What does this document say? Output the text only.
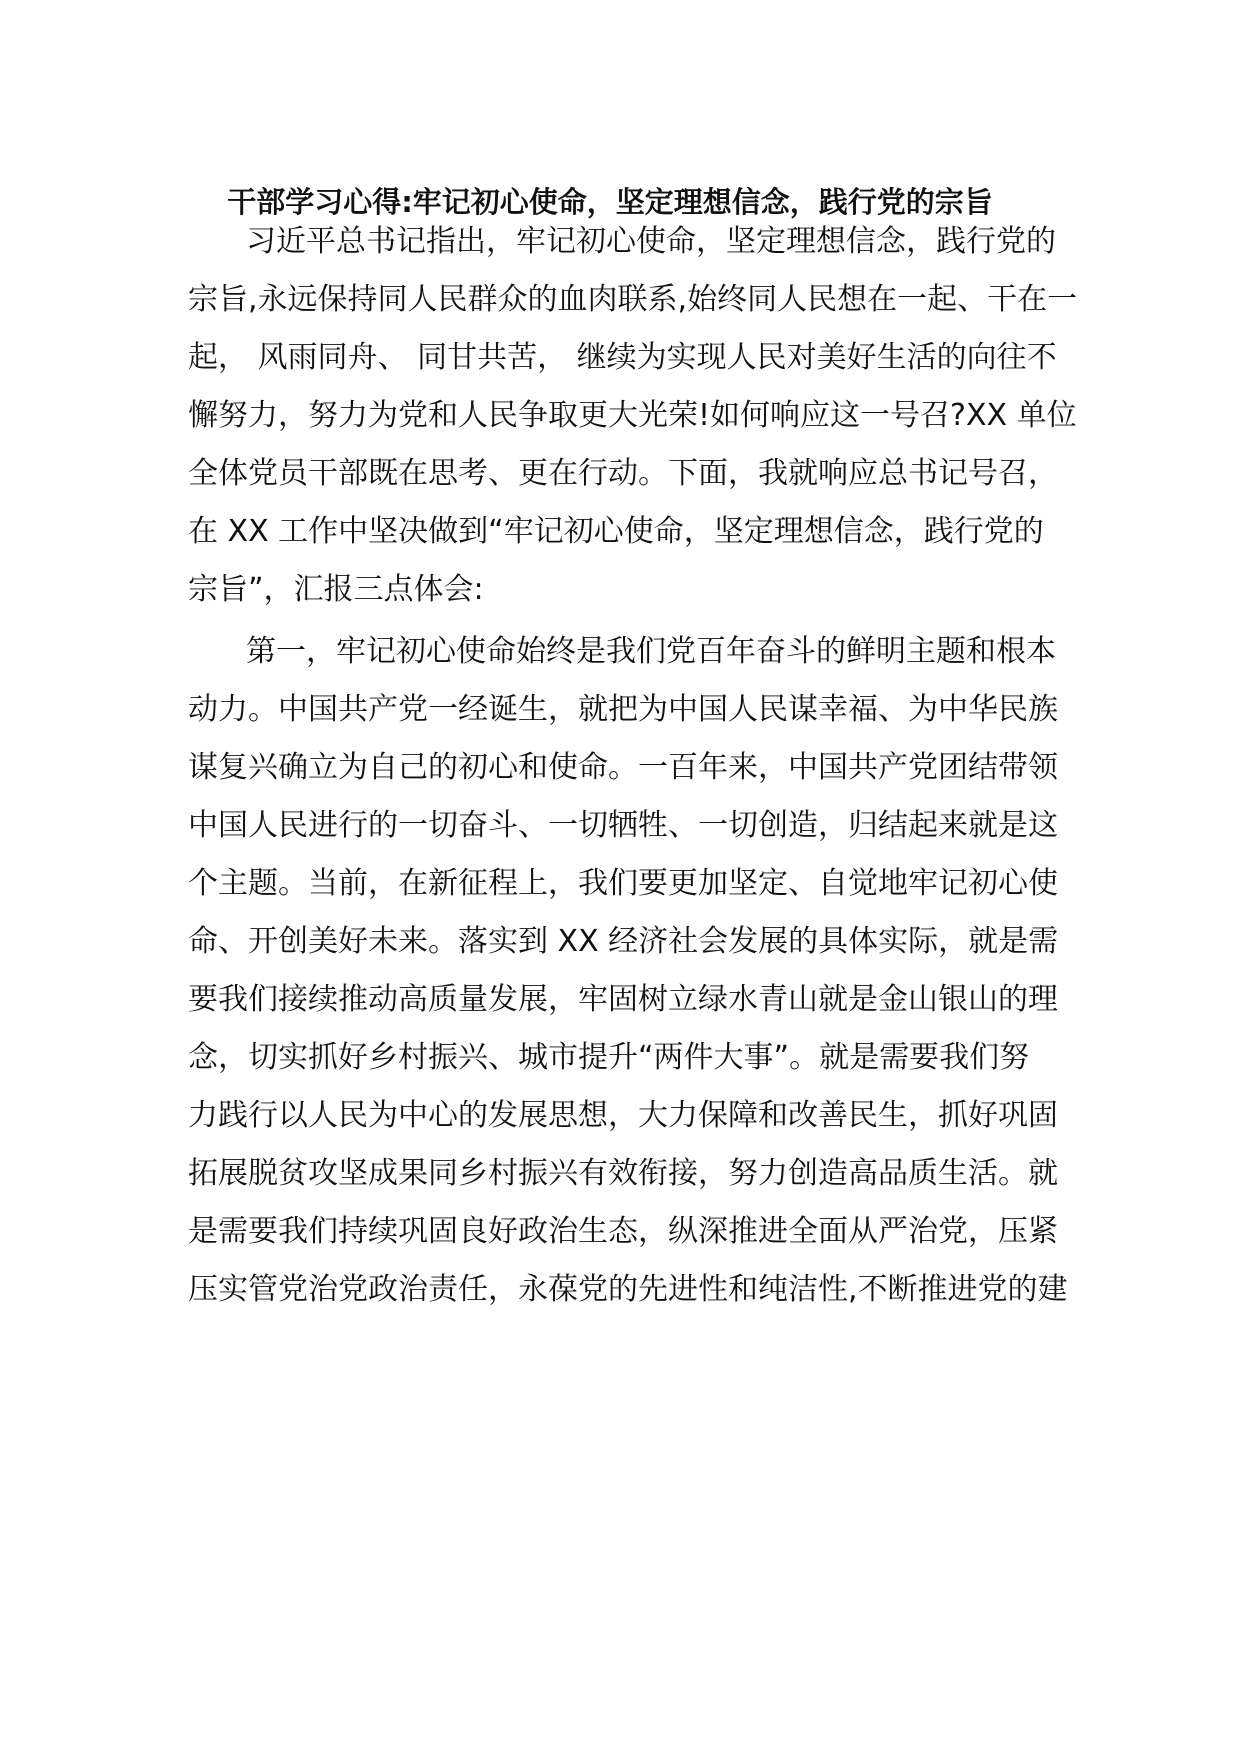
干部学习心得:牢记初心使命，坚定理想信念，践行党的宗旨
习近平总书记指出，牢记初心使命，坚定理想信念，践行党的
宗旨,永远保持同人民群众的血肉联系,始终同人民想在一起、干在一
起， 风雨同舟、 同甘共苦， 继续为实现人民对美好生活的向往不
懈努力，努力为党和人民争取更大光荣!如何响应这一号召?XX 单位
全体党员干部既在思考、更在行动。下面，我就响应总书记号召，
在 XX 工作中坚决做到“牢记初心使命，坚定理想信念，践行党的
宗旨”，汇报三点体会:
第一，牢记初心使命始终是我们党百年奋斗的鲜明主题和根本
动力。中国共产党一经诞生，就把为中国人民谋幸福、为中华民族
谋复兴确立为自己的初心和使命。一百年来，中国共产党团结带领
中国人民进行的一切奋斗、一切牺牲、一切创造，归结起来就是这
个主题。当前，在新征程上，我们要更加坚定、自觉地牢记初心使
命、开创美好未来。落实到 XX 经济社会发展的具体实际，就是需
要我们接续推动高质量发展，牢固树立绿水青山就是金山银山的理
念，切实抓好乡村振兴、城市提升“两件大事”。就是需要我们努
力践行以人民为中心的发展思想，大力保障和改善民生，抓好巩固
拓展脱贫攻坚成果同乡村振兴有效衔接，努力创造高品质生活。就
是需要我们持续巩固良好政治生态，纵深推进全面从严治党，压紧
压实管党治党政治责任，永葆党的先进性和纯洁性,不断推进党的建
